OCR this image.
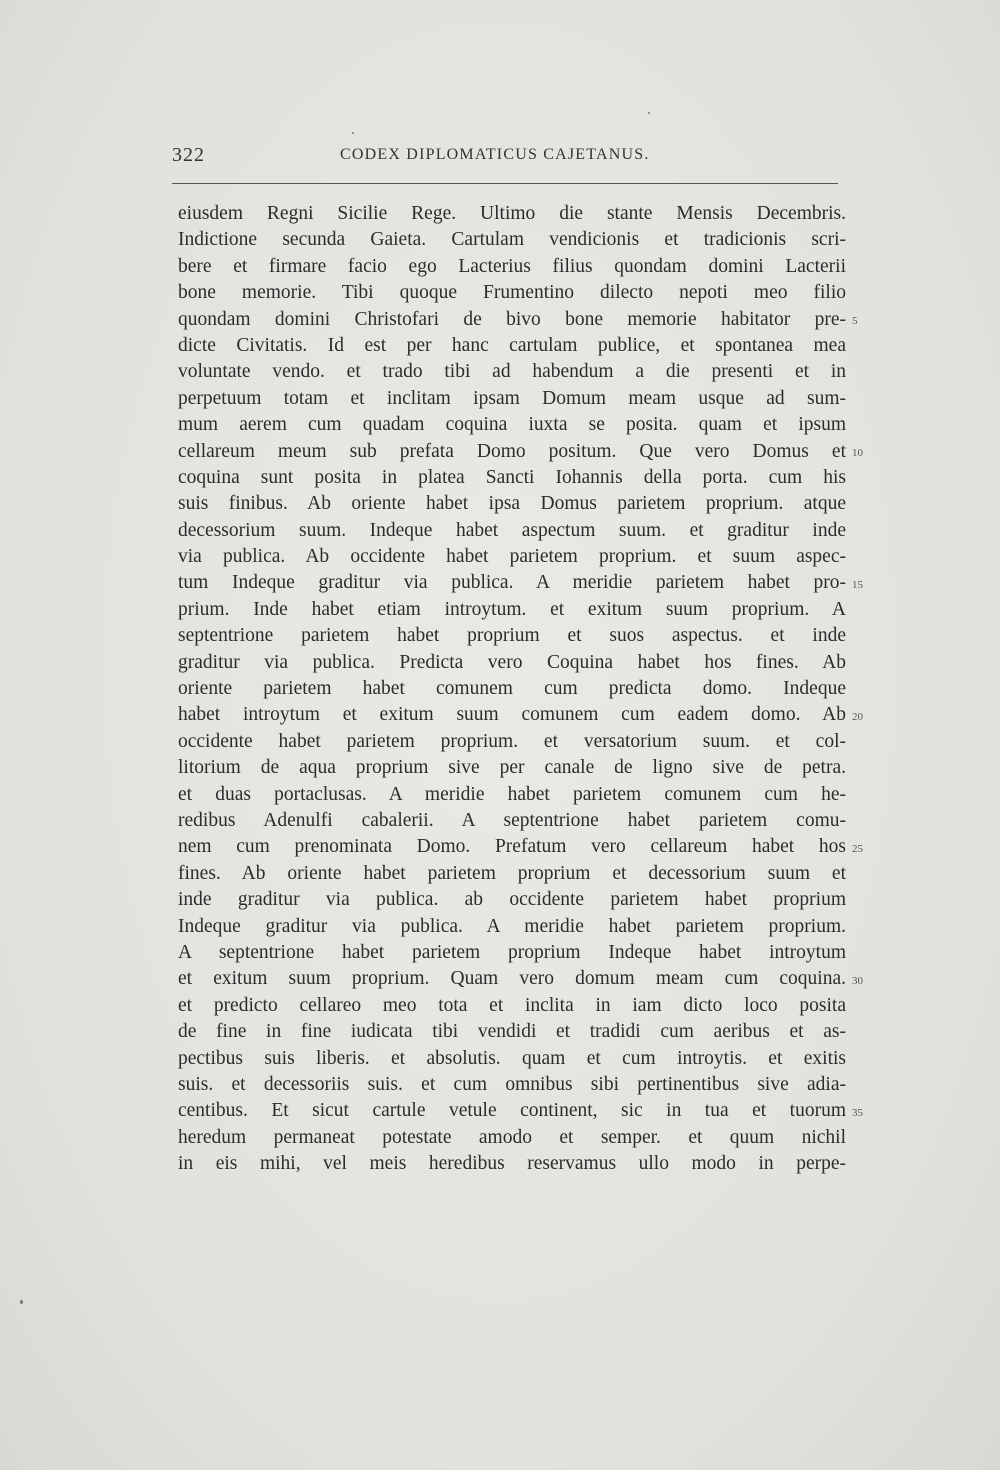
322	CODEX DIPLOMATICUS CAJETANUS.
eiusdem Regni Sicilie Rege. Ultimo die stante Mensis Decembris.
Indictione secunda Gaieta. Cartulam vendicionis et tradicionis scri-
bere et firmare facio ego Lacterius filius quondam domini Lacterii
bone memorie. Tibi quoque Frumentino dilecto nepoti meo filio
quondam domini Christofari de bivo bone memorie habitator pre-
dicte Civitatis. Id est per hanc cartulam publice, et spontanea mea
voluntate vendo. et trado tibi ad habendum a die presenti et in
perpetuum totam et inclitam ipsam Domum meam usque ad sum-
mum aerem cum quadam coquina iuxta se posita. quam et ipsum
cellareum meum sub prefata Domo positum. Que vero Domus et
coquina sunt posita in platea Sancti Iohannis della porta. cum his
suis finibus. Ab oriente habet ipsa Domus parietem proprium. atque
decessorium suum. Indeque habet aspectum suum. et graditur inde
via publica. Ab occidente habet parietem proprium. et suum aspec-
tum Indeque graditur via publica. A meridie parietem habet pro-
prium. Inde habet etiam introytum. et exitum suum proprium. A
septentrione parietem habet proprium et suos aspectus. et inde
graditur via publica. Predicta vero Coquina habet hos fines. Ab
oriente parietem habet comunem cum predicta domo. Indeque
habet introytum et exitum suum comunem cum eadem domo. Ab
occidente habet parietem proprium. et versatorium suum. et col-
litorium de aqua proprium sive per canale de ligno sive de petra.
et duas portaclusas. A meridie habet parietem comunem cum he-
redibus Adenulfi cabalerii. A septentrione habet parietem comu-
nem cum prenominata Domo. Prefatum vero cellareum habet hos
fines. Ab oriente habet parietem proprium et decessorium suum et
inde graditur via publica. ab occidente parietem habet proprium
Indeque graditur via publica. A meridie habet parietem proprium.
A septentrione habet parietem proprium Indeque habet introytum
et exitum suum proprium. Quam vero domum meam cum coquina.
et predicto cellareo meo tota et inclita in iam dicto loco posita
de fine in fine iudicata tibi vendidi et tradidi cum aeribus et as-
pectibus suis liberis. et absolutis. quam et cum introytis. et exitis
suis. et decessoriis suis. et cum omnibus sibi pertinentibus sive adia-
centibus. Et sicut cartule vetule continent, sic in tua et tuorum
heredum permaneat potestate amodo et semper. et quum nichil
in eis mihi, vel meis heredibus reservamus ullo modo in perpe-
5
10
15
20
25
30
35
